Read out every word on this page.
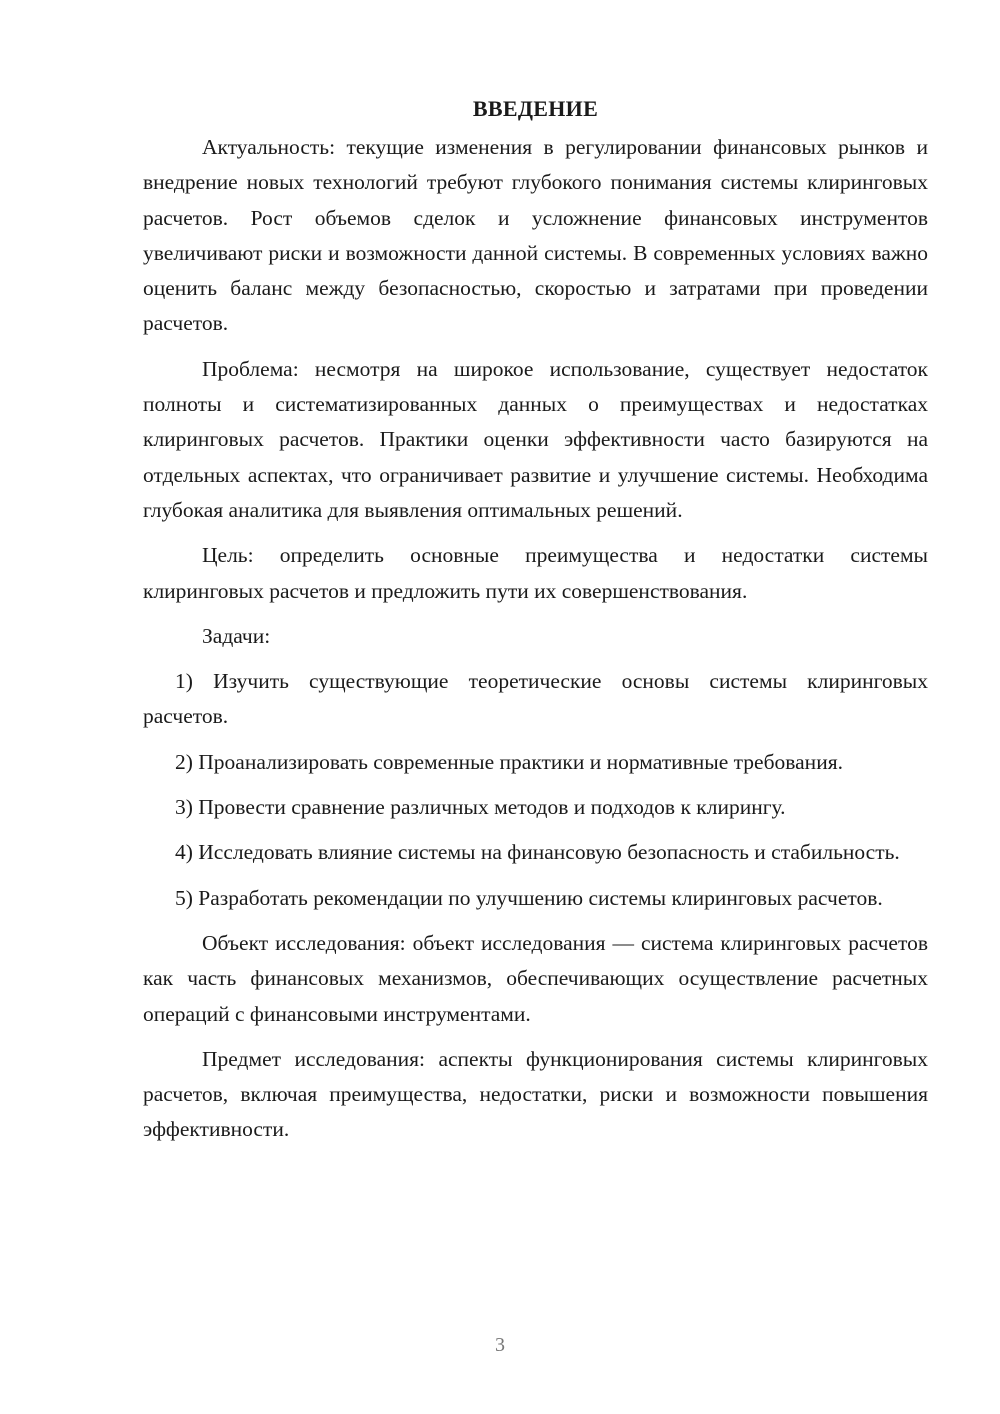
ВВЕДЕНИЕ

Актуальность: текущие изменения в регулировании финансовых рынков и внедрение новых технологий требуют глубокого понимания системы клиринговых расчетов. Рост объемов сделок и усложнение финансовых инструментов увеличивают риски и возможности данной системы. В современных условиях важно оценить баланс между безопасностью, скоростью и затратами при проведении расчетов.

Проблема: несмотря на широкое использование, существует недостаток полноты и систематизированных данных о преимуществах и недостатках клиринговых расчетов. Практики оценки эффективности часто базируются на отдельных аспектах, что ограничивает развитие и улучшение системы. Необходима глубокая аналитика для выявления оптимальных решений.

Цель: определить основные преимущества и недостатки системы клиринговых расчетов и предложить пути их совершенствования.

Задачи:

1) Изучить существующие теоретические основы системы клиринговых расчетов.

2) Проанализировать современные практики и нормативные требования.

3) Провести сравнение различных методов и подходов к клирингу.

4) Исследовать влияние системы на финансовую безопасность и стабильность.

5) Разработать рекомендации по улучшению системы клиринговых расчетов.

Объект исследования: объект исследования — система клиринговых расчетов как часть финансовых механизмов, обеспечивающих осуществление расчетных операций с финансовыми инструментами.

Предмет исследования: аспекты функционирования системы клиринговых расчетов, включая преимущества, недостатки, риски и возможности повышения эффективности.

3
